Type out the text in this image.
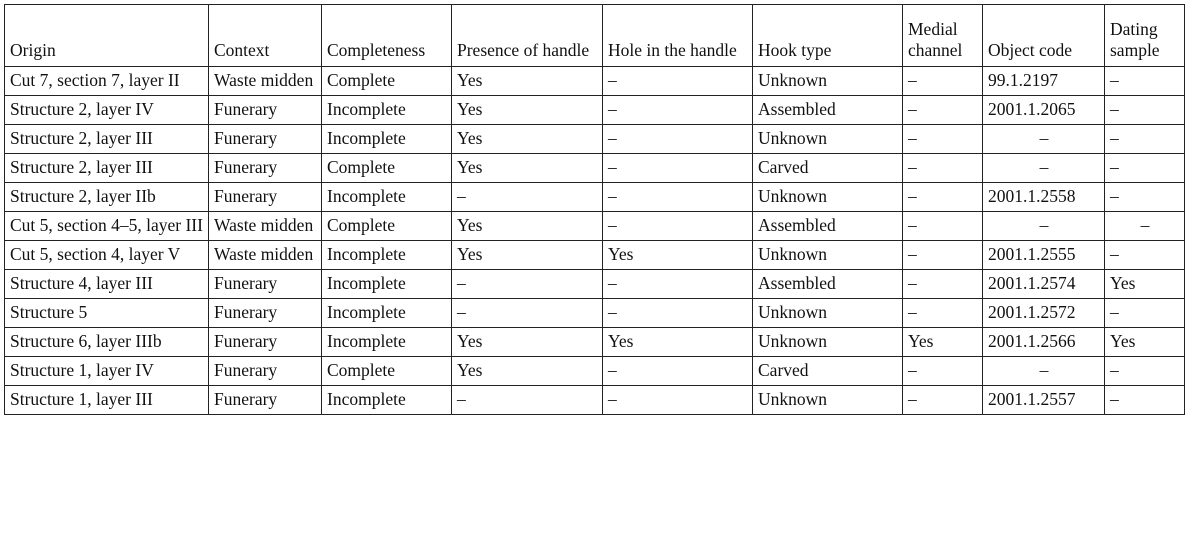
Origin	Context	Completeness	Presence of handle	Hole in the handle	Hook type	Medial channel	Object code	Dating sample
Cut 7, section 7, layer II	Waste midden	Complete	Yes	–	Unknown	–	99.1.2197	–
Structure 2, layer IV	Funerary	Incomplete	Yes	–	Assembled	–	2001.1.2065	–
Structure 2, layer III	Funerary	Incomplete	Yes	–	Unknown	–	–	–
Structure 2, layer III	Funerary	Complete	Yes	–	Carved	–	–	–
Structure 2, layer IIb	Funerary	Incomplete	–	–	Unknown	–	2001.1.2558	–
Cut 5, section 4–5, layer III	Waste midden	Complete	Yes	–	Assembled	–	–	–
Cut 5, section 4, layer V	Waste midden	Incomplete	Yes	Yes	Unknown	–	2001.1.2555	–
Structure 4, layer III	Funerary	Incomplete	–	–	Assembled	–	2001.1.2574	Yes
Structure 5	Funerary	Incomplete	–	–	Unknown	–	2001.1.2572	–
Structure 6, layer IIIb	Funerary	Incomplete	Yes	Yes	Unknown	Yes	2001.1.2566	Yes
Structure 1, layer IV	Funerary	Complete	Yes	–	Carved	–	–	–
Structure 1, layer III	Funerary	Incomplete	–	–	Unknown	–	2001.1.2557	–
